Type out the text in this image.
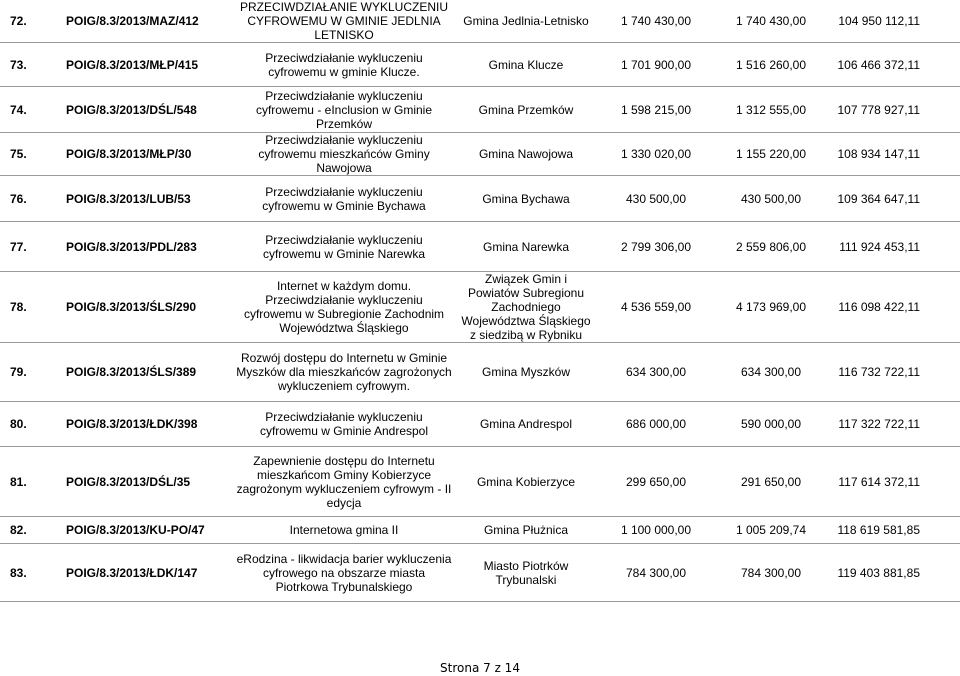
72.	POIG/8.3/2013/MAZ/412	PRZECIWDZIAŁANIE WYKLUCZENIU CYFROWEMU W GMINIE JEDLNIA LETNISKO	Gmina Jedlnia-Letnisko	1 740 430,00	1 740 430,00	104 950 112,11
73.	POIG/8.3/2013/MŁP/415	Przeciwdziałanie wykluczeniu cyfrowemu w gminie Klucze.	Gmina Klucze	1 701 900,00	1 516 260,00	106 466 372,11
74.	POIG/8.3/2013/DŚL/548	Przeciwdziałanie wykluczeniu cyfrowemu - eInclusion w Gminie Przemków	Gmina Przemków	1 598 215,00	1 312 555,00	107 778 927,11
75.	POIG/8.3/2013/MŁP/30	Przeciwdziałanie wykluczeniu cyfrowemu mieszkańców Gminy Nawojowa	Gmina Nawojowa	1 330 020,00	1 155 220,00	108 934 147,11
76.	POIG/8.3/2013/LUB/53	Przeciwdziałanie wykluczeniu cyfrowemu w Gminie Bychawa	Gmina Bychawa	430 500,00	430 500,00	109 364 647,11
77.	POIG/8.3/2013/PDL/283	Przeciwdziałanie wykluczeniu cyfrowemu w Gminie Narewka	Gmina Narewka	2 799 306,00	2 559 806,00	111 924 453,11
78.	POIG/8.3/2013/ŚLS/290	Internet w każdym domu. Przeciwdziałanie wykluczeniu cyfrowemu w Subregionie Zachodnim Województwa Śląskiego	Związek Gmin i Powiatów Subregionu Zachodniego Województwa Śląskiego z siedzibą w Rybniku	4 536 559,00	4 173 969,00	116 098 422,11
79.	POIG/8.3/2013/ŚLS/389	Rozwój dostępu do Internetu w Gminie Myszków dla mieszkańców zagrożonych wykluczeniem cyfrowym.	Gmina Myszków	634 300,00	634 300,00	116 732 722,11
80.	POIG/8.3/2013/ŁDK/398	Przeciwdziałanie wykluczeniu cyfrowemu w Gminie Andrespol	Gmina Andrespol	686 000,00	590 000,00	117 322 722,11
81.	POIG/8.3/2013/DŚL/35	Zapewnienie dostępu do Internetu mieszkańcom Gminy Kobierzyce zagrożonym wykluczeniem cyfrowym - II edycja	Gmina Kobierzyce	299 650,00	291 650,00	117 614 372,11
82.	POIG/8.3/2013/KU-PO/47	Internetowa gmina II	Gmina Płużnica	1 100 000,00	1 005 209,74	118 619 581,85
83.	POIG/8.3/2013/ŁDK/147	eRodzina - likwidacja barier wykluczenia cyfrowego na obszarze miasta Piotrkowa Trybunalskiego	Miasto Piotrków Trybunalski	784 300,00	784 300,00	119 403 881,85
Strona 7 z 14
